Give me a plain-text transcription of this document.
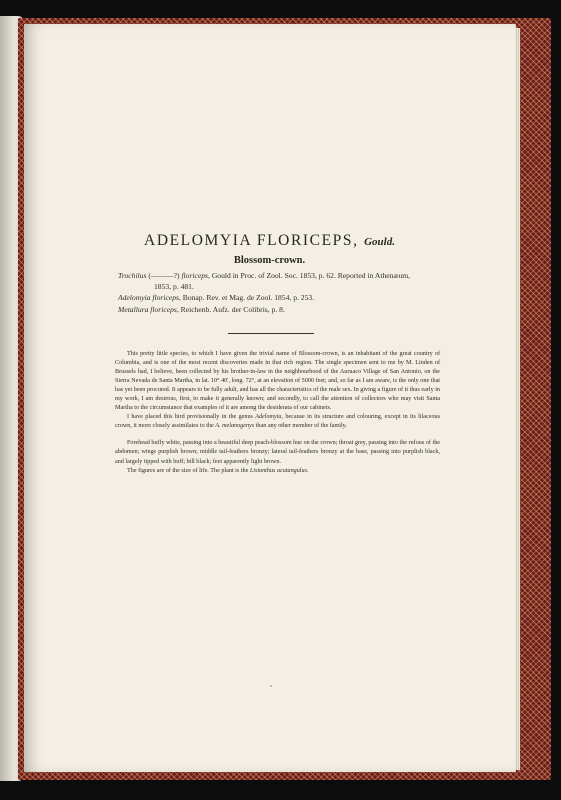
ADELOMYIA FLORICEPS, Gould.
Blossom-crown.

Trochilus (———?) floriceps, Gould in Proc. of Zool. Soc. 1853, p. 62. Reported in Athenæum,
1853, p. 481.

Adelomyia floriceps, Bonap. Rev. et Mag. de Zool. 1854, p. 253.

Metallura floriceps, Reichenb. Aufz. der Colibris, p. 8.

This pretty little species, to which I have given the trivial name of Blossom-crown, is an inhabitant of the great country of Columbia, and is one of the most recent discoveries made in that rich region. The single specimen sent to me by M. Linden of Brussels had, I believe, been collected by his brother-in-law in the neighbourhood of the Auruaco Village of San Antonio, on the Sierra Nevada de Santa Martha, in lat. 10° 40', long. 72°, at an elevation of 5000 feet; and, so far as I am aware, is the only one that has yet been procured. It appears to be fully adult, and has all the characteristics of the male sex. In giving a figure of it thus early in my work, I am desirous, first, to make it generally known; and secondly, to call the attention of collectors who may visit Santa Martha to the circumstance that examples of it are among the desiderata of our cabinets.

I have placed this bird provisionally in the genus Adelomyia, because in its structure and colouring, except in its lilaceous crown, it more closely assimilates to the A. melanogenys than any other member of the family.

Forehead buffy white, passing into a beautiful deep peach-blossom hue on the crown; throat grey, passing into the rufous of the abdomen; wings purplish brown; middle tail-feathers bronzy; lateral tail-feathers bronzy at the base, passing into purplish black, and largely tipped with buff; bill black; feet apparently light brown.

The figures are of the size of life. The plant is the Lisianthus acutangulus.
